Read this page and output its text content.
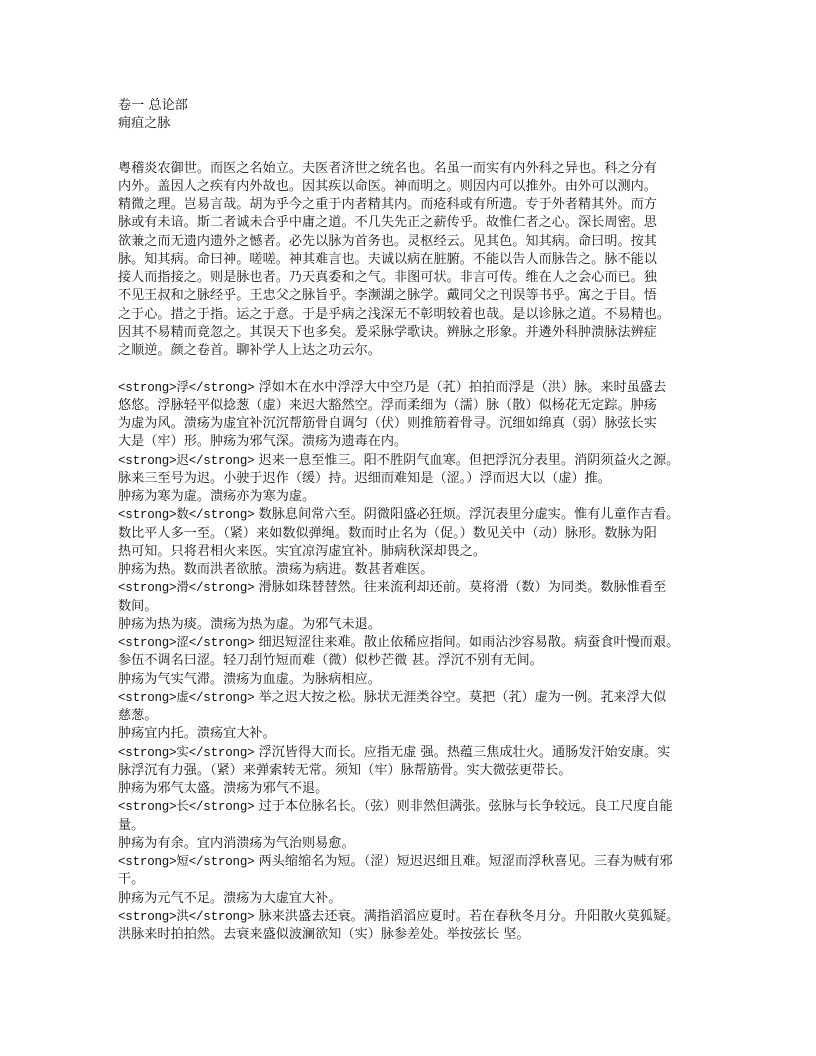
卷一 总论部
痈疽之脉
粤稽炎农御世。而医之名始立。夫医者济世之统名也。名虽一而实有内外科之异也。科之分有
内外。盖因人之疾有内外故也。因其疾以命医。神而明之。则因内可以推外。由外可以测内。
精微之理。岂易言哉。胡为乎今之重于内者精其内。而疮科或有所遗。专于外者精其外。而方
脉或有未谙。斯二者诚未合乎中庸之道。不几失先正之薪传乎。故惟仁者之心。深长周密。思
欲兼之而无遗内遗外之憾者。必先以脉为首务也。灵枢经云。见其色。知其病。命曰明。按其
脉。知其病。命曰神。嗟嗟。神其难言也。夫诚以病在脏腑。不能以告人而脉告之。脉不能以
接人而指接之。则是脉也者。乃天真委和之气。非图可状。非言可传。维在人之会心而已。独
不见王叔和之脉经乎。王忠父之脉旨乎。李濒湖之脉学。戴同父之刊误等书乎。寓之于目。悟
之于心。措之于指。运之于意。于是乎病之浅深无不彰明较着也哉。是以诊脉之道。不易精也。
因其不易精而竟忽之。其误天下也多矣。爰采脉学歌诀。辨脉之形象。并遴外科肿溃脉法辨症
之顺逆。颜之卷首。聊补学人上达之功云尔。
<strong>浮</strong> 浮如木在水中浮浮大中空乃是（芤）拍拍而浮是（洪）脉。来时虽盛去
悠悠。浮脉轻平似捻葱（虚）来迟大豁然空。浮而柔细为（濡）脉（散）似杨花无定踪。肿疡
为虚为风。溃疡为虚宜补沉沉帮筋骨自调匀（伏）则推筋着骨寻。沉细如绵真（弱）脉弦长实
大是（牢）形。肿疡为邪气深。溃疡为遗毒在内。
<strong>迟</strong> 迟来一息至惟三。阳不胜阴气血寒。但把浮沉分表里。消阴须益火之源。
脉来三至号为迟。小驶于迟作（缓）持。迟细而难知是（涩。）浮而迟大以（虚）推。
肿疡为寒为虚。溃疡亦为寒为虚。
<strong>数</strong> 数脉息间常六至。阴微阳盛必狂烦。浮沉表里分虚实。惟有儿童作吉看。
数比平人多一至。（紧）来如数似弹绳。数而时止名为（促。）数见关中（动）脉形。数脉为阳
热可知。只将君相火来医。实宜凉泻虚宜补。肺病秋深却畏之。
肿疡为热。数而洪者欲脓。溃疡为病进。数甚者难医。
<strong>滑</strong> 滑脉如珠替替然。往来流利却还前。莫将滑（数）为同类。数脉惟看至
数间。
肿疡为热为痰。溃疡为热为虚。为邪气未退。
<strong>涩</strong> 细迟短涩往来难。散止依稀应指间。如雨沾沙容易散。病蚕食叶慢而艰。
参伍不调名曰涩。轻刀刮竹短而难（微）似杪芒微 甚。浮沉不别有无间。
肿疡为气实气滞。溃疡为血虚。为脉病相应。
<strong>虚</strong> 举之迟大按之松。脉状无涯类谷空。莫把（芤）虚为一例。芤来浮大似
慈葱。
肿疡宜内托。溃疡宜大补。
<strong>实</strong> 浮沉皆得大而长。应指无虚 强。热蕴三焦成壮火。通肠发汗始安康。实
脉浮沉有力强。（紧）来弹索转无常。须知（牢）脉帮筋骨。实大微弦更带长。
肿疡为邪气太盛。溃疡为邪气不退。
<strong>长</strong> 过于本位脉名长。（弦）则非然但满张。弦脉与长争较远。良工尺度自能
量。
肿疡为有余。宜内消溃疡为气治则易愈。
<strong>短</strong> 两头缩缩名为短。（涩）短迟迟细且难。短涩而浮秋喜见。三春为贼有邪
干。
肿疡为元气不足。溃疡为大虚宜大补。
<strong>洪</strong> 脉来洪盛去还衰。满指滔滔应夏时。若在春秋冬月分。升阳散火莫狐疑。
洪脉来时拍拍然。去衰来盛似波澜欲知（实）脉参差处。举按弦长 坚。
